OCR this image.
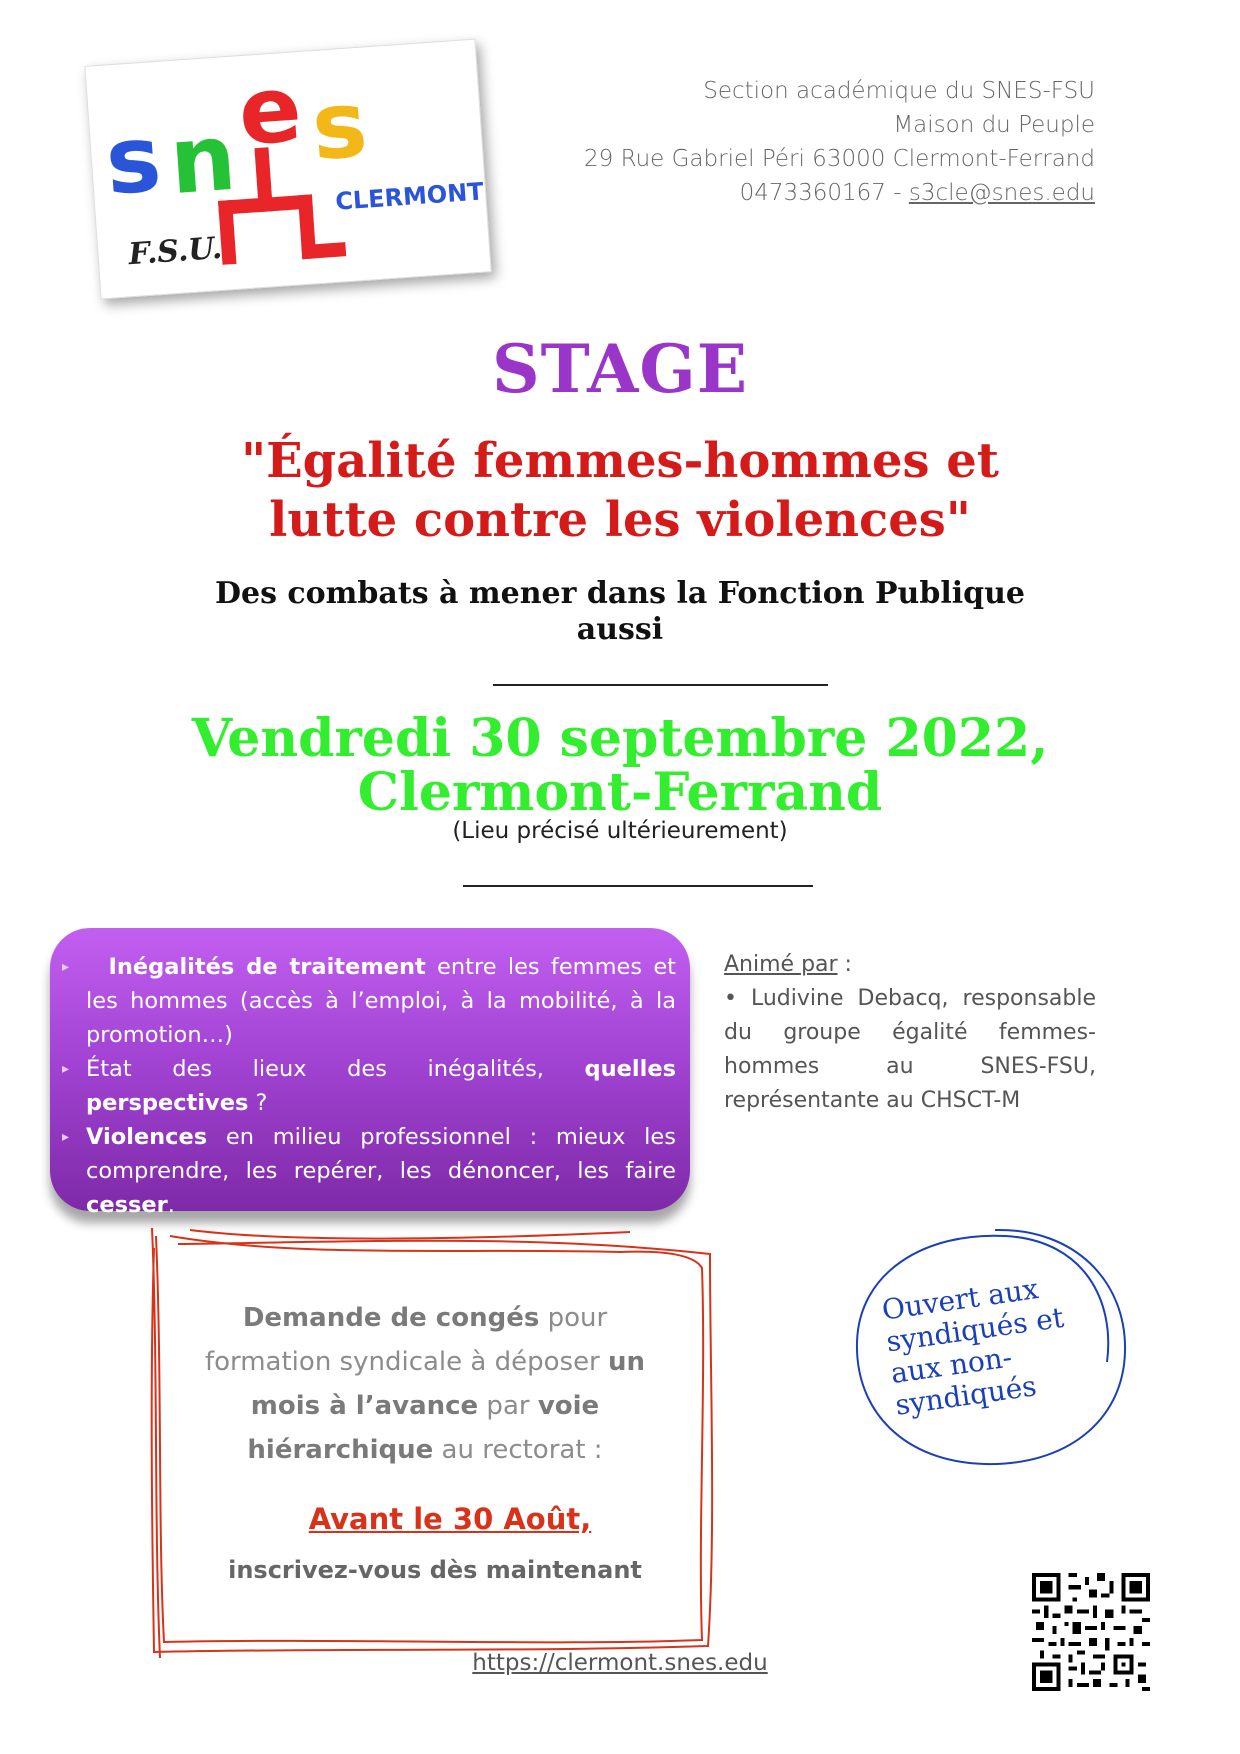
s n
e s
F.S.U.
CLERMONT
Section académique du SNES-FSU
Maison du Peuple
29 Rue Gabriel Péri 63000 Clermont-Ferrand
0473360167 - s3cle@snes.edu
STAGE
"Égalité femmes-hommes et
lutte contre les violences"
Des combats à mener dans la Fonction Publique
aussi
Vendredi 30 septembre 2022,
Clermont-Ferrand
(Lieu précisé ultérieurement)

▸ Inégalités de traitement entre les femmes et les hommes (accès à l’emploi, à la mobilité, à la promotion…)

▸ État des lieux des inégalités, quelles perspectives ?

▸ Violences en milieu professionnel : mieux les comprendre, les repérer, les dénoncer, les faire cesser.

Animé par :
• Ludivine Debacq, responsable du groupe égalité femmes-hommes au SNES-FSU, représentante au CHSCT-M
Demande de congés pour formation syndicale à déposer un mois à l’avance par voie hiérarchique au rectorat :
Avant le 30 Août,
inscrivez-vous dès maintenant
Ouvert aux syndiqués et aux non-syndiqués
https://clermont.snes.edu
